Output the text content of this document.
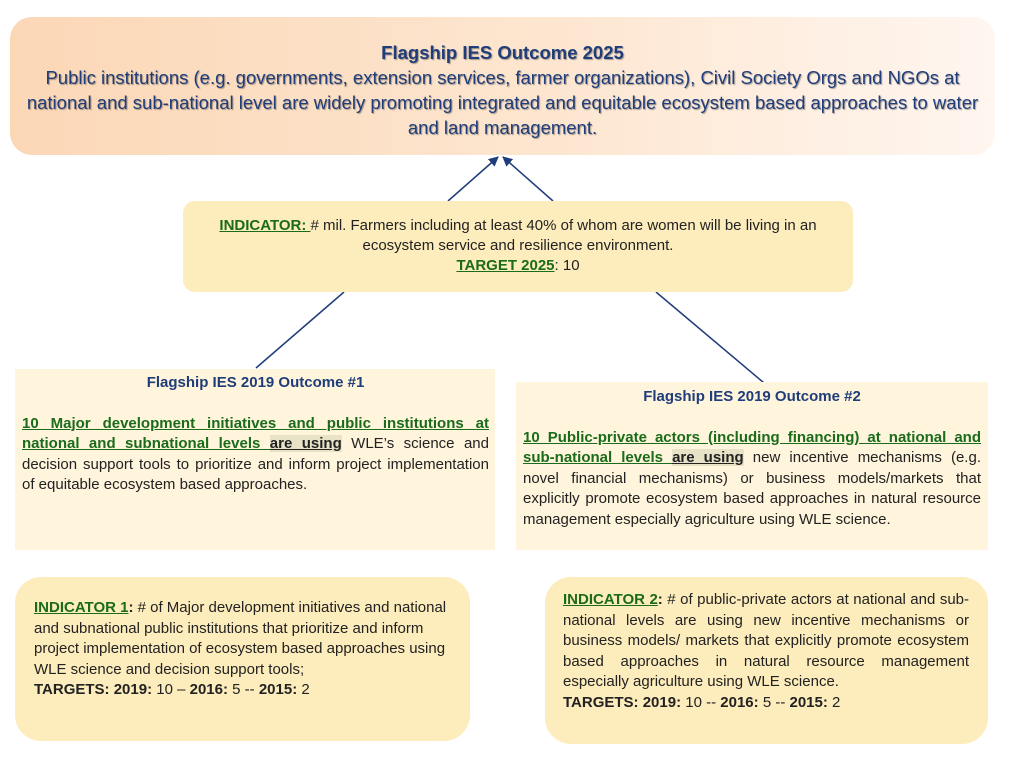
Flagship IES Outcome 2025
Public institutions (e.g. governments, extension services, farmer organizations), Civil Society Orgs and NGOs at national and sub-national level are widely promoting integrated and equitable ecosystem based approaches to water and land management.
INDICATOR: # mil. Farmers including at least 40% of whom are women will be living in an ecosystem service and resilience environment.
TARGET 2025: 10
Flagship IES 2019 Outcome #1
10 Major development initiatives and public institutions at national and subnational levels are using WLE’s science and decision support tools to prioritize and inform project implementation of equitable ecosystem based approaches.
Flagship IES 2019 Outcome #2
10 Public-private actors (including financing) at national and sub-national levels are using new incentive mechanisms (e.g. novel financial mechanisms) or business models/markets that explicitly promote ecosystem based approaches in natural resource management especially agriculture using WLE science.
INDICATOR 1: # of Major development initiatives and national and subnational public institutions that prioritize and inform project implementation of ecosystem based approaches using WLE science and decision support tools;
TARGETS: 2019: 10 – 2016: 5 -- 2015: 2
INDICATOR 2: # of public-private actors at national and sub-national levels are using new incentive mechanisms or business models/ markets that explicitly promote ecosystem based approaches in natural resource management especially agriculture using WLE science.
TARGETS: 2019: 10 -- 2016: 5 -- 2015: 2
